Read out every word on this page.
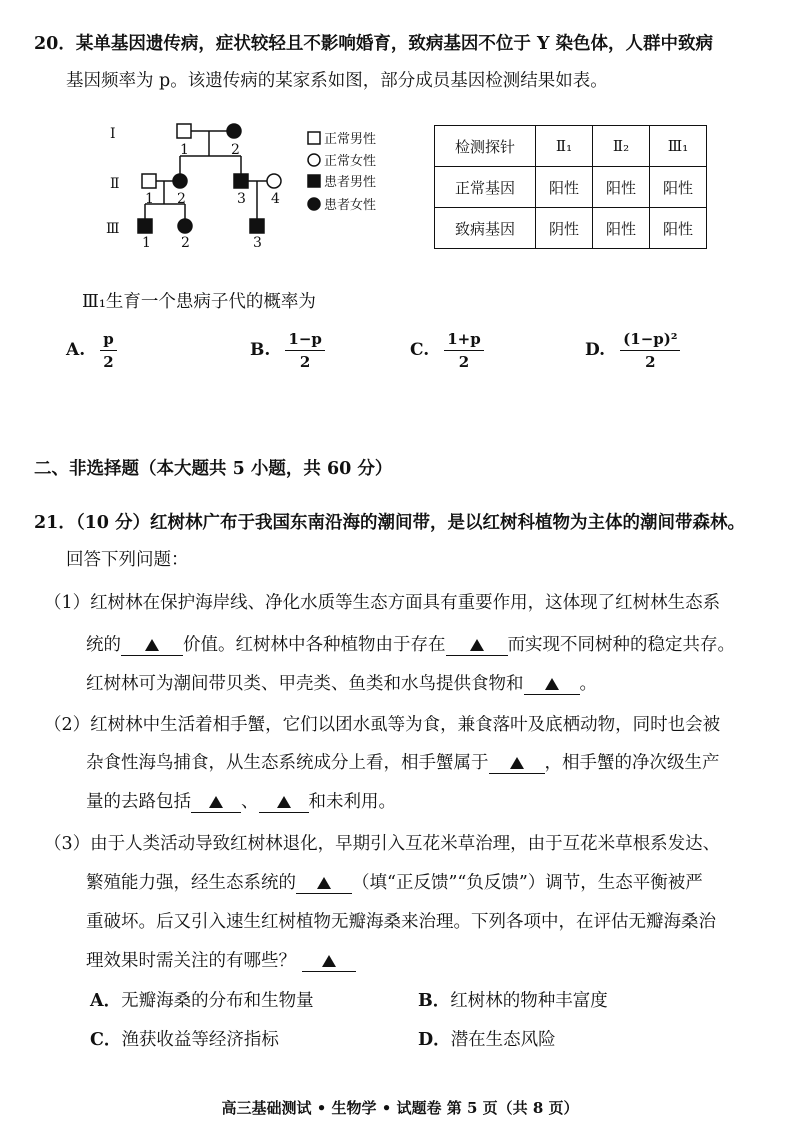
20．某单基因遗传病，症状较轻且不影响婚育，致病基因不位于 Y 染色体，人群中致病
基因频率为 p。该遗传病的某家系如图，部分成员基因检测结果如表。
Ⅰ
Ⅱ
Ⅲ
1	2
1 2	3 4
1 2	3
正常男性
正常女性
患者男性
患者女性
检测探针	Ⅱ₁	Ⅱ₂	Ⅲ₁
正常基因	阳性	阳性	阳性
致病基因	阴性	阳性	阳性
Ⅲ₁生育一个患病子代的概率为
A. $\frac{p}{2}$	B. $\frac{1-p}{2}$	C. $\frac{1+p}{2}$	D. $\frac{\text{(1−p)²}}{2}$
二、非选择题（本大题共 5 小题，共 60 分）
21．（10 分）红树林广布于我国东南沿海的潮间带，是以红树科植物为主体的潮间带森林。
回答下列问题：
（1）红树林在保护海岸线、净化水质等生态方面具有重要作用，这体现了红树林生态系
统的	价值。红树林中各种植物由于存在	而实现不同树种的稳定共存。
红树林可为潮间带贝类、甲壳类、鱼类和水鸟提供食物和	。
（2）红树林中生活着相手蟹，它们以团水虱等为食，兼食落叶及底栖动物，同时也会被
杂食性海鸟捕食，从生态系统成分上看，相手蟹属于	，相手蟹的净次级生产
量的去路包括	、	和未利用。
（3）由于人类活动导致红树林退化，早期引入互花米草治理，由于互花米草根系发达、
繁殖能力强，经生态系统的	（填“正反馈”“负反馈”）调节，生态平衡被严
重破坏。后又引入速生红树植物无瓣海桑来治理。下列各项中，在评估无瓣海桑治
理效果时需关注的有哪些？
A．无瓣海桑的分布和生物量	B．红树林的物种丰富度
C．渔获收益等经济指标	D．潜在生态风险
高三基础测试 • 生物学 • 试题卷 第 5 页（共 8 页）
